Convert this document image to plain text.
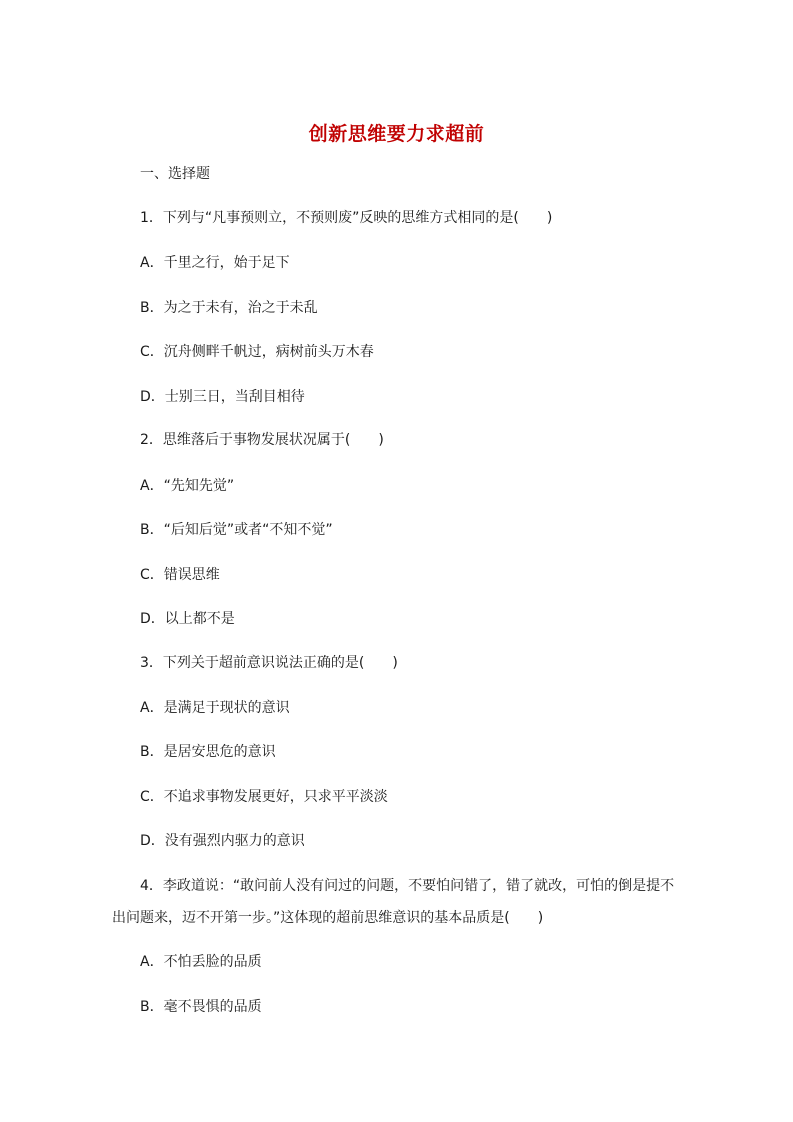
创新思维要力求超前
一、选择题
1．下列与“凡事预则立，不预则废”反映的思维方式相同的是(　　)
A．千里之行，始于足下
B．为之于未有，治之于未乱
C．沉舟侧畔千帆过，病树前头万木春
D．士别三日，当刮目相待
2．思维落后于事物发展状况属于(　　)
A．“先知先觉”
B．“后知后觉”或者“不知不觉”
C．错误思维
D．以上都不是
3．下列关于超前意识说法正确的是(　　)
A．是满足于现状的意识
B．是居安思危的意识
C．不追求事物发展更好，只求平平淡淡
D．没有强烈内驱力的意识
4．李政道说：“敢问前人没有问过的问题，不要怕问错了，错了就改，可怕的倒是提不
出问题来，迈不开第一步。”这体现的超前思维意识的基本品质是(　　)
A．不怕丢脸的品质
B．毫不畏惧的品质
